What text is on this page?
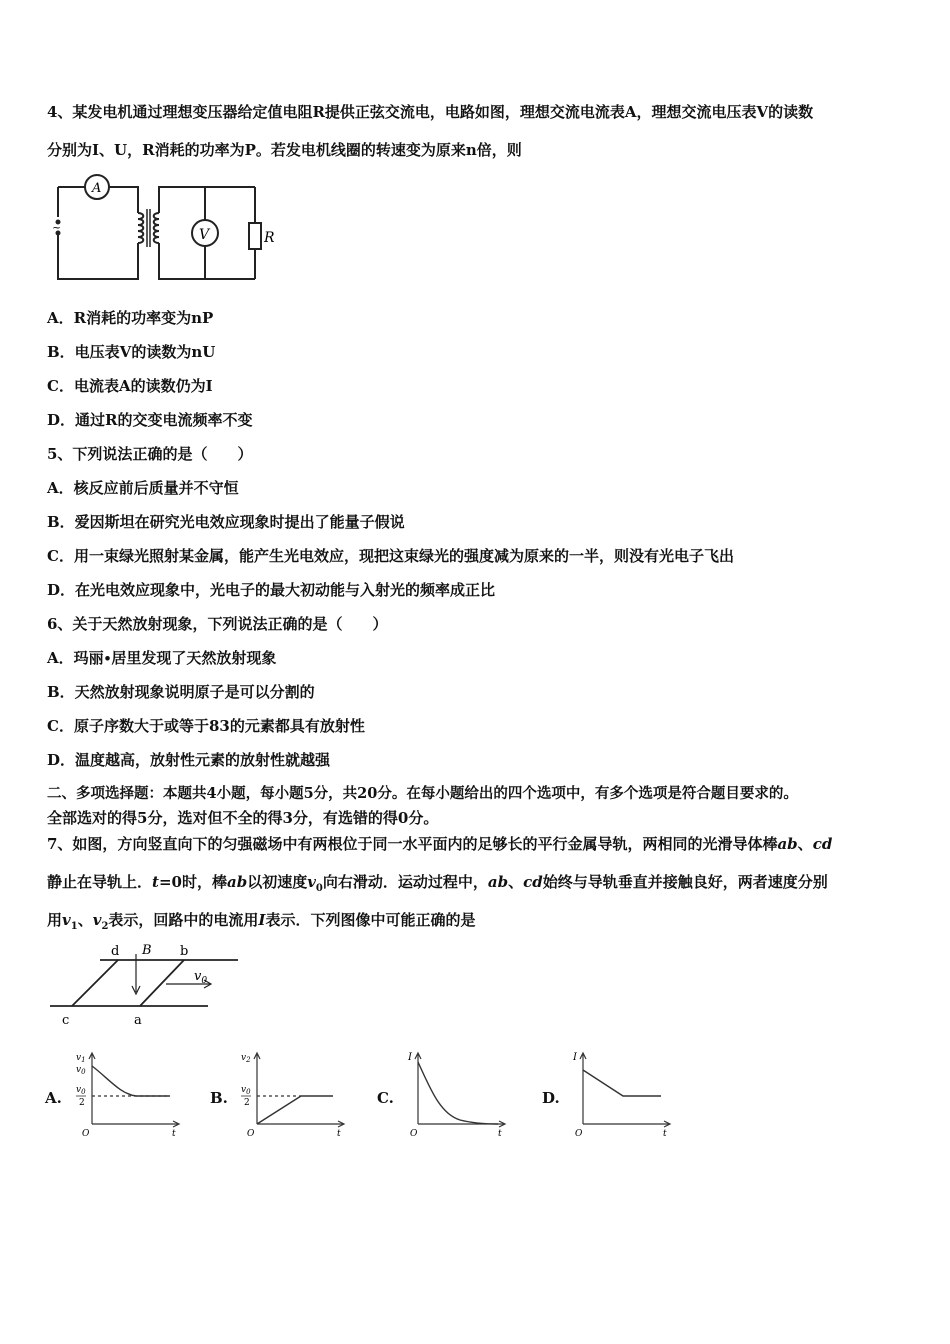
4、某发电机通过理想变压器给定值电阻R提供正弦交流电，电路如图，理想交流电流表A，理想交流电压表V的读数
分别为I、U，R消耗的功率为P。若发电机线圈的转速变为原来n倍，则
~
A
V	R
A．R消耗的功率变为nP
B．电压表V的读数为nU
C．电流表A的读数仍为I
D．通过R的交变电流频率不变
5、下列说法正确的是（　　）
A．核反应前后质量并不守恒
B．爱因斯坦在研究光电效应现象时提出了能量子假说
C．用一束绿光照射某金属，能产生光电效应，现把这束绿光的强度减为原来的一半，则没有光电子飞出
D．在光电效应现象中，光电子的最大初动能与入射光的频率成正比
6、关于天然放射现象，下列说法正确的是（　　）
A．玛丽∙居里发现了天然放射现象
B．天然放射现象说明原子是可以分割的
C．原子序数大于或等于83的元素都具有放射性
D．温度越高，放射性元素的放射性就越强
二、多项选择题：本题共4小题，每小题5分，共20分。在每小题给出的四个选项中，有多个选项是符合题目要求的。
全部选对的得5分，选对但不全的得3分，有选错的得0分。
7、如图，方向竖直向下的匀强磁场中有两根位于同一水平面内的足够长的平行金属导轨，两相同的光滑导体棒ab、cd
静止在导轨上．t=0时，棒ab以初速度$v_0$向右滑动．运动过程中，ab、cd始终与导轨垂直并接触良好，两者速度分别
用$v_1$、$v_2$表示，回路中的电流用I表示．下列图像中可能正确的是
d B b
$v_0$
c	a
A.	B.	C.	D.
$v_1$
$v_0$
$v_0$
2
O	t
$v_2$
$v_0$
2
O	t
I
O	t
I
O	t
